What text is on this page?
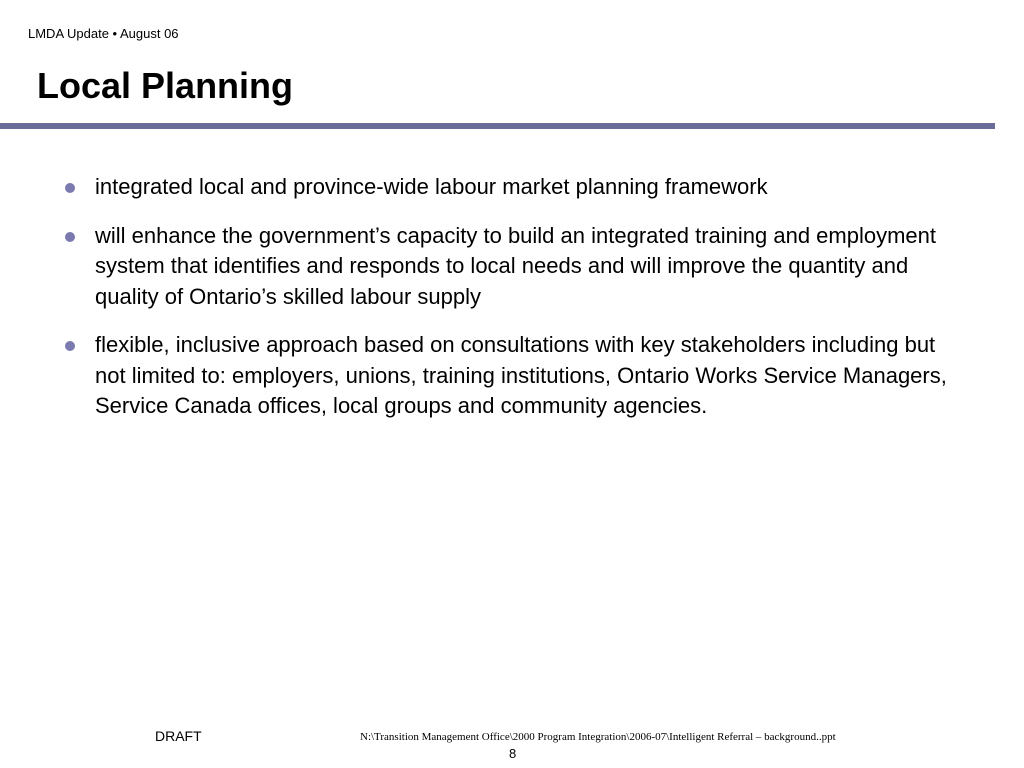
LMDA Update • August 06
Local Planning
integrated local and province-wide labour market planning framework
will enhance the government’s capacity to build an integrated training and employment system that identifies and responds to local needs and will improve the quantity and quality of Ontario’s skilled labour supply
flexible, inclusive approach based on consultations with key stakeholders including but not limited to: employers, unions, training institutions, Ontario Works Service Managers, Service Canada offices, local groups and community agencies.
DRAFT	N:\Transition Management Office\2000 Program Integration\2006-07\Intelligent Referral – background..ppt
8
